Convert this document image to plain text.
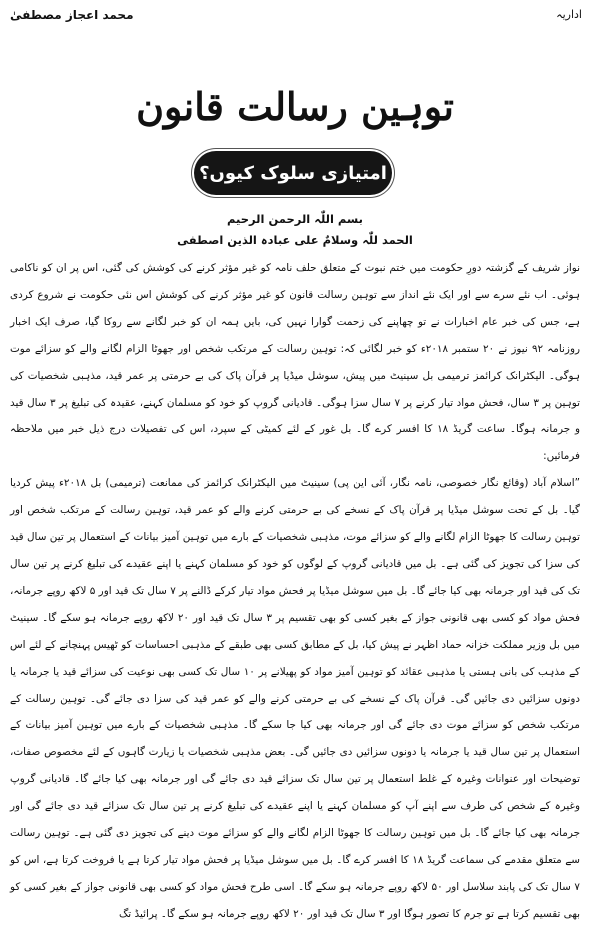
اداریہ
محمد اعجاز مصطفیٰ
توہین رسالت قانون
امتیازی سلوک کیوں؟
بسم اللّٰہ الرحمن الرحیم
الحمد للّٰہ وسلامٌ علی عبادہ الذین اصطفی

نواز شریف کے گزشتہ دورِ حکومت میں ختم نبوت کے متعلق حلف نامہ کو غیر مؤثر کرنے کی کوشش کی گئی، اس پر ان کو ناکامی ہوئی۔ اب نئے سرے سے اور ایک نئے انداز سے توہین رسالت قانون کو غیر مؤثر کرنے کی کوشش اس نئی حکومت نے شروع کردی ہے، جس کی خبر عام اخبارات نے تو چھاپنے کی زحمت گوارا نہیں کی، بایں ہمہ ان کو خبر لگانے سے روکا گیا، صرف ایک اخبار روزنامہ ۹۲ نیوز نے ۲۰ ستمبر ۲۰۱۸ء کو خبر لگائی کہ: توہین رسالت کے مرتکب شخص اور جھوٹا الزام لگانے والے کو سزائے موت ہوگی۔ الیکٹرانک کرائمز ترمیمی بل سینیٹ میں پیش، سوشل میڈیا پر قرآن پاک کی بے حرمتی پر عمر قید، مذہبی شخصیات کی توہین پر ۳ سال، فحش مواد تیار کرنے پر ۷ سال سزا ہوگی۔ قادیانی گروپ کو خود کو مسلمان کہنے، عقیدہ کی تبلیغ پر ۳ سال قید و جرمانہ ہوگا۔ ساعت گریڈ ۱۸ کا افسر کرے گا۔ بل غور کے لئے کمیٹی کے سپرد، اس کی تفصیلات درج ذیل خبر میں ملاحظہ فرمائیں:

”اسلام آباد (وقائع نگار خصوصی، نامہ نگار، آئی این پی) سینیٹ میں الیکٹرانک کرائمز کی ممانعت (ترمیمی) بل ۲۰۱۸ء پیش کردیا گیا۔ بل کے تحت سوشل میڈیا پر قرآن پاک کے نسخے کی بے حرمتی کرنے والے کو عمر قید، توہین رسالت کے مرتکب شخص اور توہین رسالت کا جھوٹا الزام لگانے والے کو سزائے موت، مذہبی شخصیات کے بارے میں توہین آمیز بیانات کے استعمال پر تین سال قید کی سزا کی تجویز کی گئی ہے۔ بل میں قادیانی گروپ کے لوگوں کو خود کو مسلمان کہنے یا اپنے عقیدے کی تبلیغ کرنے پر تین سال تک کی قید اور جرمانہ بھی کیا جائے گا۔ بل میں سوشل میڈیا پر فحش مواد تیار کرکے ڈالنے پر ۷ سال تک قید اور ۵ لاکھ روپے جرمانہ، فحش مواد کو کسی بھی قانونی جواز کے بغیر کسی کو بھی تقسیم پر ۳ سال تک قید اور ۲۰ لاکھ روپے جرمانہ ہو سکے گا۔ سینیٹ میں بل وزیر مملکت خزانہ حماد اظہر نے پیش کیا، بل کے مطابق کسی بھی طبقے کے مذہبی احساسات کو ٹھیس پہنچانے کے لئے اس کے مذہب کی بانی ہستی یا مذہبی عقائد کو توہین آمیز مواد کو پھیلانے پر ۱۰ سال تک کسی بھی نوعیت کی سزائے قید یا جرمانہ یا دونوں سزائیں دی جائیں گی۔ قرآن پاک کے نسخے کی بے حرمتی کرنے والے کو عمر قید کی سزا دی جائے گی۔ توہین رسالت کے مرتکب شخص کو سزائے موت دی جائے گی اور جرمانہ بھی کیا جا سکے گا۔ مذہبی شخصیات کے بارے میں توہین آمیز بیانات کے استعمال پر تین سال قید یا جرمانہ یا دونوں سزائیں دی جائیں گی۔ بعض مذہبی شخصیات یا زیارت گاہوں کے لئے مخصوص صفات، توضیحات اور عنوانات وغیرہ کے غلط استعمال پر تین سال تک سزائے قید دی جائے گی اور جرمانہ بھی کیا جائے گا۔ قادیانی گروپ وغیرہ کے شخص کی طرف سے اپنے آپ کو مسلمان کہنے یا اپنے عقیدے کی تبلیغ کرنے پر تین سال تک سزائے قید دی جائے گی اور جرمانہ بھی کیا جائے گا۔ بل میں توہین رسالت کا جھوٹا الزام لگانے والے کو سزائے موت دینے کی تجویز دی گئی ہے۔ توہین رسالت سے متعلق مقدمے کی سماعت گریڈ ۱۸ کا افسر کرے گا۔ بل میں سوشل میڈیا پر فحش مواد تیار کرتا ہے یا فروخت کرتا ہے، اس کو ۷ سال تک کی پابند سلاسل اور ۵۰ لاکھ روپے جرمانہ ہو سکے گا۔ اسی طرح فحش مواد کو کسی بھی قانونی جواز کے بغیر کسی کو بھی تقسیم کرتا ہے تو جرم کا تصور ہوگا اور ۳ سال تک قید اور ۲۰ لاکھ روپے جرمانہ ہو سکے گا۔ پرائیڈ تگ
